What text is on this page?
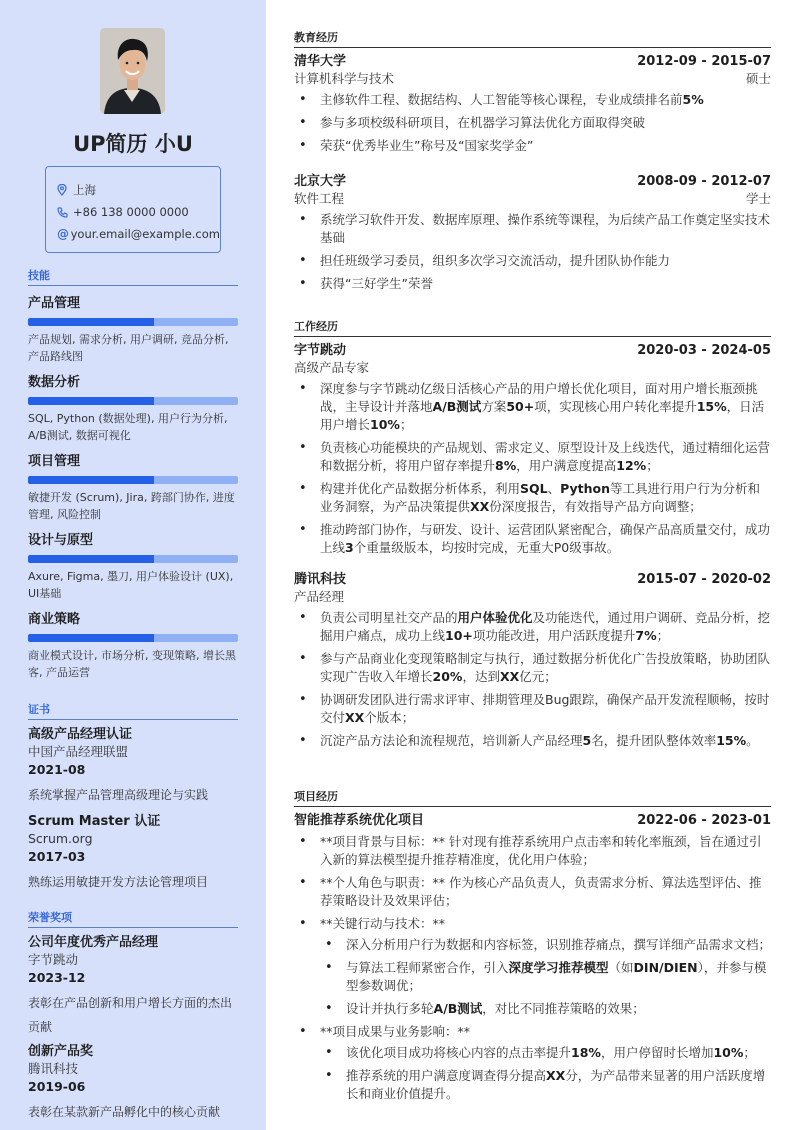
UP简历 小U
上海
+86 138 0000 0000
@ your.email@example.com
技能
产品管理
产品规划, 需求分析, 用户调研, 竞品分析, 产品路线图
数据分析
SQL, Python (数据处理), 用户行为分析, A/B测试, 数据可视化
项目管理
敏捷开发 (Scrum), Jira, 跨部门协作, 进度管理, 风险控制
设计与原型
Axure, Figma, 墨刀, 用户体验设计 (UX), UI基础
商业策略
商业模式设计, 市场分析, 变现策略, 增长黑客, 产品运营
证书
高级产品经理认证
中国产品经理联盟
2021-08
系统掌握产品管理高级理论与实践
Scrum Master 认证
Scrum.org
2017-03
熟练运用敏捷开发方法论管理项目
荣誉奖项
公司年度优秀产品经理
字节跳动
2023-12
表彰在产品创新和用户增长方面的杰出贡献
创新产品奖
腾讯科技
2019-06
表彰在某款新产品孵化中的核心贡献
教育经历
清华大学	2012-09 - 2015-07
计算机科学与技术	硕士
• 主修软件工程、数据结构、人工智能等核心课程，专业成绩排名前5%
• 参与多项校级科研项目，在机器学习算法优化方面取得突破
• 荣获“优秀毕业生”称号及“国家奖学金”
北京大学	2008-09 - 2012-07
软件工程	学士
• 系统学习软件开发、数据库原理、操作系统等课程，为后续产品工作奠定坚实技术基础
• 担任班级学习委员，组织多次学习交流活动，提升团队协作能力
• 获得“三好学生”荣誉
工作经历
字节跳动	2020-03 - 2024-05
高级产品专家
• 深度参与字节跳动亿级日活核心产品的用户增长优化项目，面对用户增长瓶颈挑战，主导设计并落地A/B测试方案50+项，实现核心用户转化率提升15%，日活用户增长10%；
• 负责核心功能模块的产品规划、需求定义、原型设计及上线迭代，通过精细化运营和数据分析，将用户留存率提升8%，用户满意度提高12%；
• 构建并优化产品数据分析体系，利用SQL、Python等工具进行用户行为分析和业务洞察，为产品决策提供XX份深度报告，有效指导产品方向调整；
• 推动跨部门协作，与研发、设计、运营团队紧密配合，确保产品高质量交付，成功上线3个重量级版本，均按时完成，无重大P0级事故。
腾讯科技	2015-07 - 2020-02
产品经理
• 负责公司明星社交产品的用户体验优化及功能迭代，通过用户调研、竞品分析，挖掘用户痛点，成功上线10+项功能改进，用户活跃度提升7%；
• 参与产品商业化变现策略制定与执行，通过数据分析优化广告投放策略，协助团队实现广告收入年增长20%，达到XX亿元；
• 协调研发团队进行需求评审、排期管理及Bug跟踪，确保产品开发流程顺畅，按时交付XX个版本；
• 沉淀产品方法论和流程规范，培训新人产品经理5名，提升团队整体效率15%。
项目经历
智能推荐系统优化项目	2022-06 - 2023-01
• **项目背景与目标：** 针对现有推荐系统用户点击率和转化率瓶颈，旨在通过引入新的算法模型提升推荐精准度，优化用户体验；
• **个人角色与职责：** 作为核心产品负责人，负责需求分析、算法选型评估、推荐策略设计及效果评估；
• **关键行动与技术：**
• 深入分析用户行为数据和内容标签，识别推荐痛点，撰写详细产品需求文档；
• 与算法工程师紧密合作，引入深度学习推荐模型（如DIN/DIEN），并参与模型参数调优；
• 设计并执行多轮A/B测试，对比不同推荐策略的效果；
• **项目成果与业务影响：**
• 该优化项目成功将核心内容的点击率提升18%，用户停留时长增加10%；
• 推荐系统的用户满意度调查得分提高XX分，为产品带来显著的用户活跃度增长和商业价值提升。
